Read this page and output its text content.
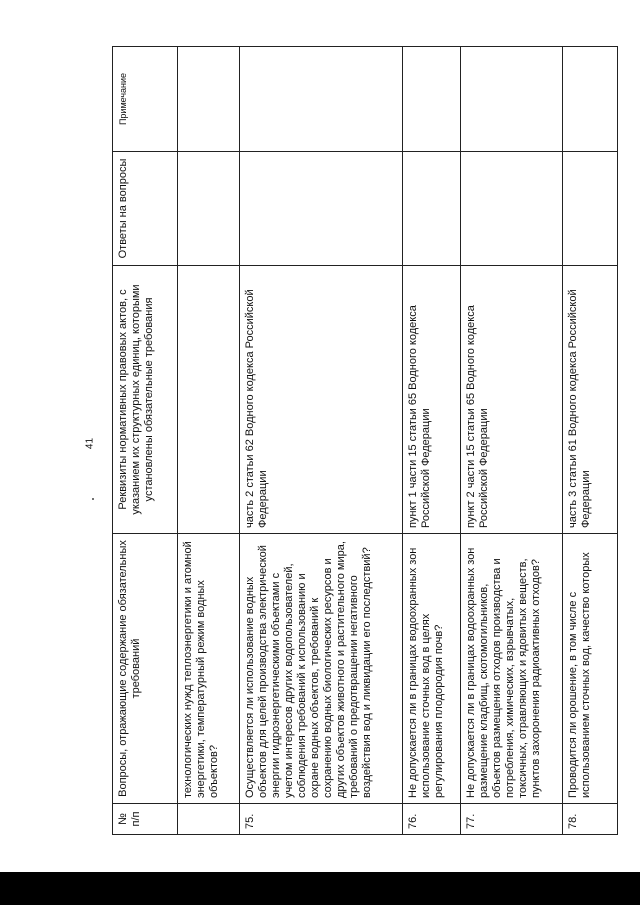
41
№ п/п	Вопросы, отражающие содержание обязательных требований	Реквизиты нормативных правовых актов, с указанием их структурных единиц, которыми установлены обязательные требования	Ответы на вопросы	Примечание
	технологических нужд теплоэнергетики и атомной энергетики, температурный режим водных объектов?			
75.	Осуществляется ли использование водных объектов для целей производства электрической энергии гидроэнергетическими объектами с учетом интересов других водопользователей, соблюдения требований к использованию и охране водных объектов, требований к сохранению водных биологических ресурсов и других объектов животного и растительного мира, требований о предотвращении негативного воздействия вод и ликвидации его последствий?	часть 2 статьи 62 Водного кодекса Российской Федерации		
76.	Не допускается ли в границах водоохранных зон использование сточных вод в целях регулирования плодородия почв?	пункт 1 части 15 статьи 65 Водного кодекса Российской Федерации		
77.	Не допускается ли в границах водоохранных зон размещение кладбищ, скотомогильников, объектов размещения отходов производства и потребления, химических, взрывчатых, токсичных, отравляющих и ядовитых веществ, пунктов захоронения радиоактивных отходов?	пункт 2 части 15 статьи 65 Водного кодекса Российской Федерации		
78.	Проводится ли орошение, в том числе с использованием сточных вод, качество которых	часть 3 статьи 61 Водного кодекса Российской Федерации		
